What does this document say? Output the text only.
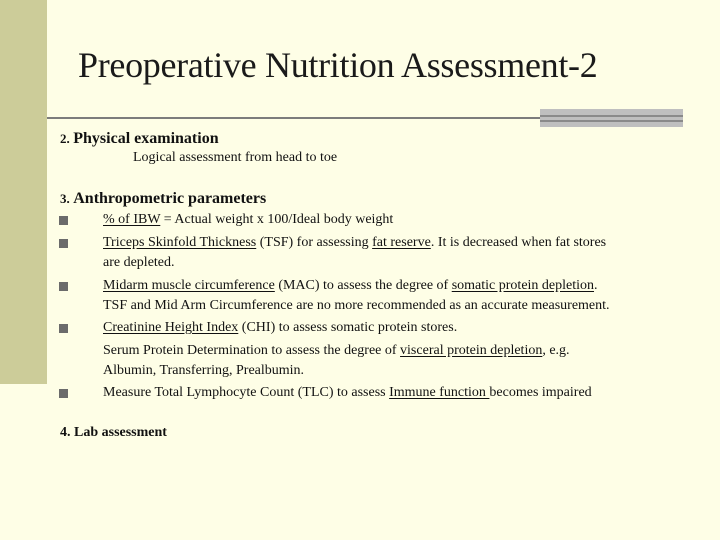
Preoperative Nutrition Assessment-2
2. Physical examination
Logical assessment from head to toe
3. Anthropometric parameters
% of IBW = Actual weight x 100/Ideal body weight
Triceps Skinfold Thickness (TSF) for assessing fat reserve. It is decreased when fat stores
are depleted.
Midarm muscle circumference (MAC) to assess the degree of somatic protein depletion.
TSF and Mid Arm Circumference are no more recommended as an accurate measurement.
Creatinine Height Index (CHI) to assess somatic protein stores.
Serum Protein Determination to assess the degree of visceral protein depletion, e.g.
Albumin, Transferring, Prealbumin.
Measure Total Lymphocyte Count (TLC) to assess Immune function becomes impaired
4. Lab assessment
